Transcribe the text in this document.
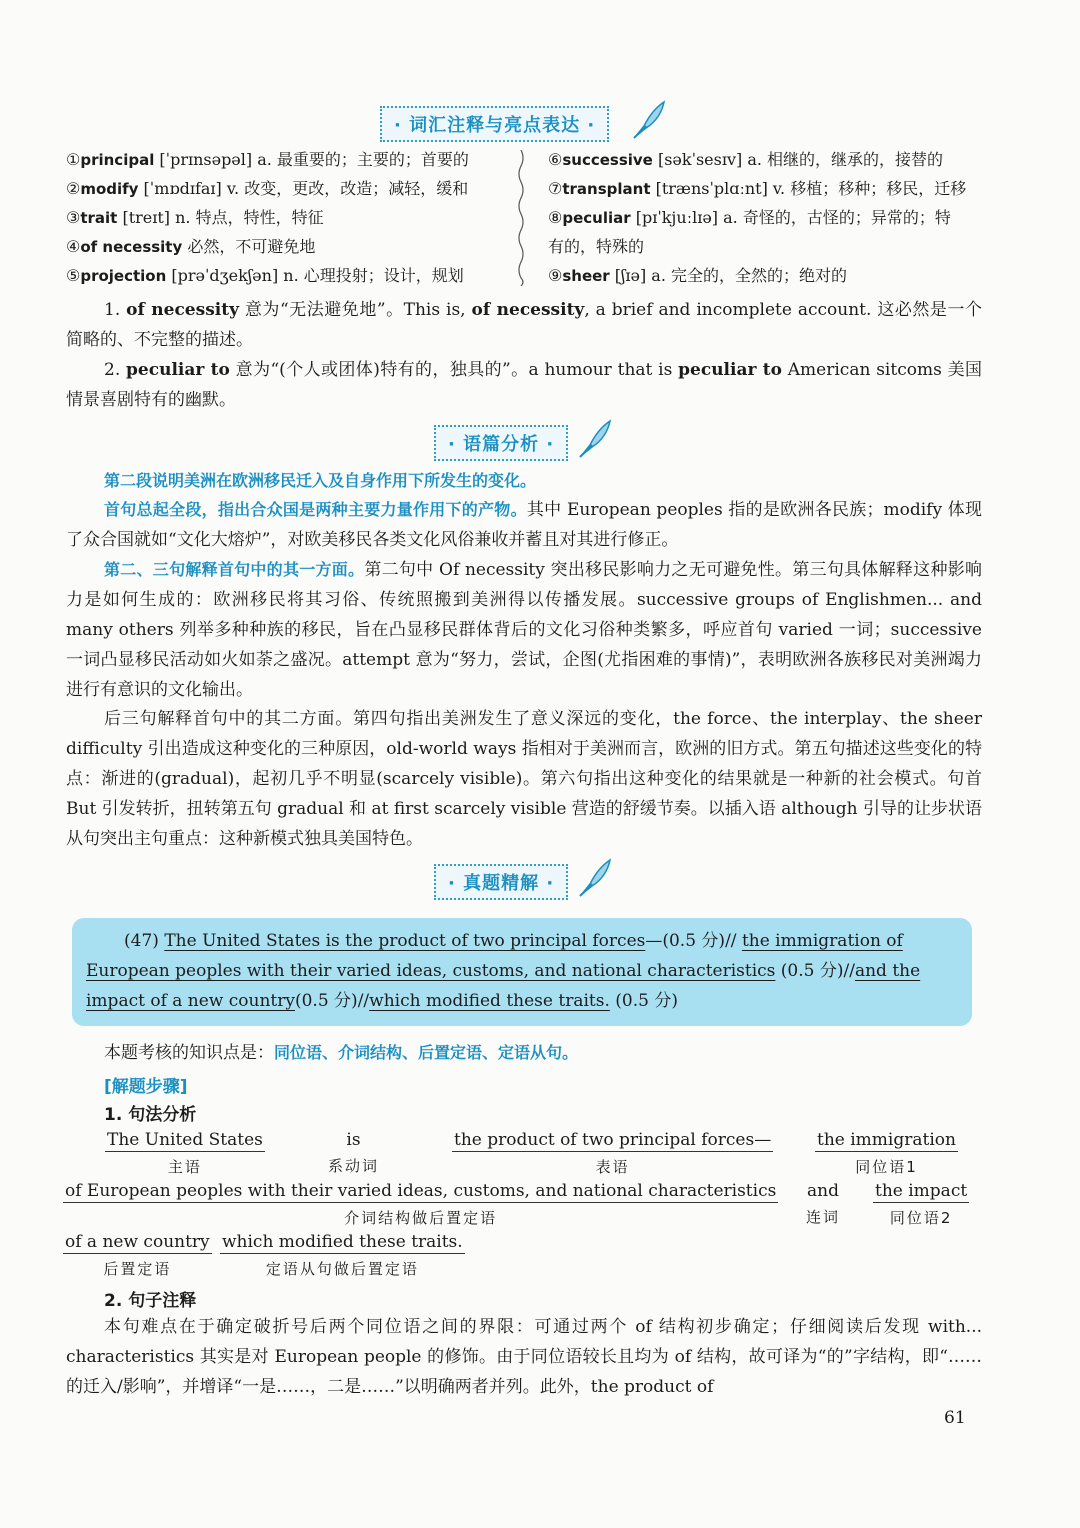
· 词汇注释与亮点表达 ·
①principal [ˈprɪnsəpəl] a. 最重要的；主要的；首要的
②modify [ˈmɒdɪfaɪ] v. 改变，更改，改造；减轻，缓和
③trait [treɪt] n. 特点，特性，特征
④of necessity 必然，不可避免地
⑤projection [prəˈdʒekʃən] n. 心理投射；设计，规划
⑥successive [səkˈsesɪv] a. 相继的，继承的，接替的
⑦transplant [trænsˈplɑːnt] v. 移植；移种；移民，迁移
⑧peculiar [pɪˈkjuːlɪə] a. 奇怪的，古怪的；异常的；特
有的，特殊的
⑨sheer [ʃɪə] a. 完全的，全然的；绝对的

1. of necessity 意为“无法避免地”。This is, of necessity, a brief and incomplete account. 这必然是一个简略的、不完整的描述。

2. peculiar to 意为“(个人或团体)特有的，独具的”。a humour that is peculiar to American sitcoms 美国情景喜剧特有的幽默。

· 语篇分析 ·

第二段说明美洲在欧洲移民迁入及自身作用下所发生的变化。

首句总起全段，指出合众国是两种主要力量作用下的产物。其中 European peoples 指的是欧洲各民族；modify 体现了众合国就如“文化大熔炉”，对欧美移民各类文化风俗兼收并蓄且对其进行修正。

第二、三句解释首句中的其一方面。第二句中 Of necessity 突出移民影响力之无可避免性。第三句具体解释这种影响力是如何生成的：欧洲移民将其习俗、传统照搬到美洲得以传播发展。successive groups of Englishmen... and many others 列举多种种族的移民，旨在凸显移民群体背后的文化习俗种类繁多，呼应首句 varied 一词；successive 一词凸显移民活动如火如荼之盛况。attempt 意为“努力，尝试，企图(尤指困难的事情)”，表明欧洲各族移民对美洲竭力进行有意识的文化输出。

后三句解释首句中的其二方面。第四句指出美洲发生了意义深远的变化，the force、the interplay、the sheer difficulty 引出造成这种变化的三种原因，old-world ways 指相对于美洲而言，欧洲的旧方式。第五句描述这些变化的特点：渐进的(gradual)，起初几乎不明显(scarcely visible)。第六句指出这种变化的结果就是一种新的社会模式。句首 But 引发转折，扭转第五句 gradual 和 at first scarcely visible 营造的舒缓节奏。以插入语 although 引导的让步状语从句突出主句重点：这种新模式独具美国特色。

· 真题精解 ·
(47) The United States is the product of two principal forces—(0.5 分)// the immigration of European peoples with their varied ideas, customs, and national characteristics (0.5 分)//and the impact of a new country(0.5 分)//which modified these traits. (0.5 分)

本题考核的知识点是：同位语、介词结构、后置定语、定语从句。

[解题步骤]
1. 句法分析
The United States
主语
is
系动词
the product of two principal forces—
表语
the immigration
同位语1
of European peoples with their varied ideas, customs, and national characteristics
介词结构做后置定语
and
连词
the impact
同位语2
of a new country
后置定语
which modified these traits.
定语从句做后置定语
2. 句子注释

本句难点在于确定破折号后两个同位语之间的界限：可通过两个 of 结构初步确定；仔细阅读后发现 with... characteristics 其实是对 European people 的修饰。由于同位语较长且均为 of 结构，故可译为“的”字结构，即“……的迁入/影响”，并增译“一是……，二是……”以明确两者并列。此外，the product of

61
